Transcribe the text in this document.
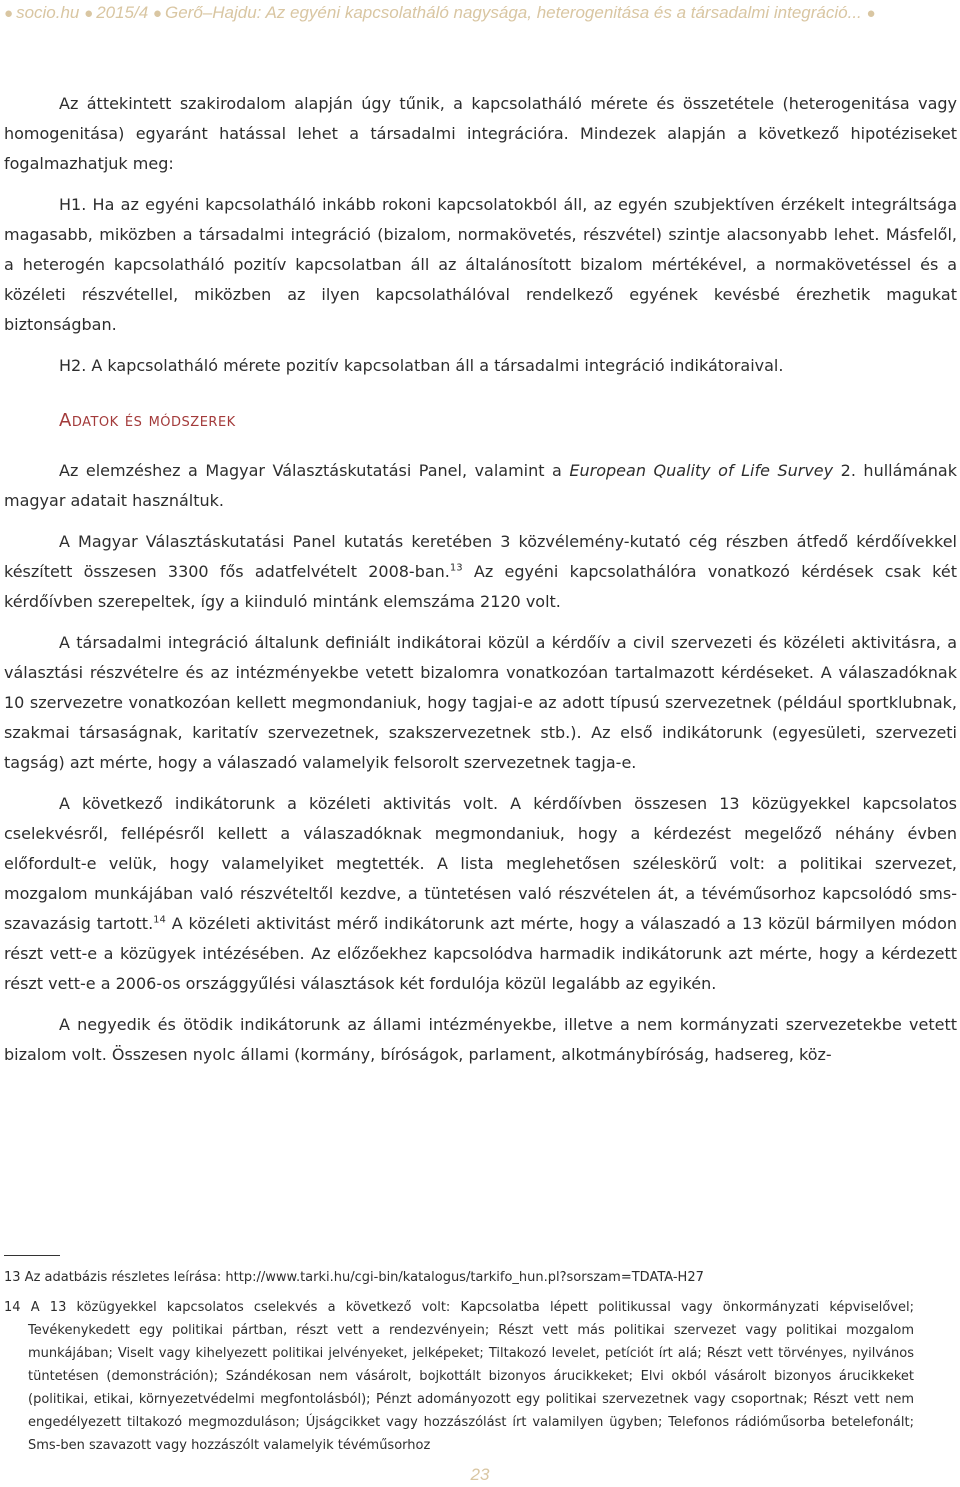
● socio.hu ● 2015/4 ● Gerő–Hajdu: Az egyéni kapcsolatháló nagysága, heterogenitása és a társadalmi integráció... ●

Az áttekintett szakirodalom alapján úgy tűnik, a kapcsolatháló mérete és összetétele (heterogenitása vagy homogenitása) egyaránt hatással lehet a társadalmi integrációra. Mindezek alapján a következő hipotéziseket fogalmazhatjuk meg:

H1. Ha az egyéni kapcsolatháló inkább rokoni kapcsolatokból áll, az egyén szubjektíven érzékelt integráltsága magasabb, miközben a társadalmi integráció (bizalom, normakövetés, részvétel) szintje alacsonyabb lehet. Másfelől, a heterogén kapcsolatháló pozitív kapcsolatban áll az általánosított bizalom mértékével, a normakövetéssel és a közéleti részvétellel, miközben az ilyen kapcsolathálóval rendelkező egyének kevésbé érezhetik magukat biztonságban.

H2. A kapcsolatháló mérete pozitív kapcsolatban áll a társadalmi integráció indikátoraival.

Adatok és módszerek

Az elemzéshez a Magyar Választáskutatási Panel, valamint a European Quality of Life Survey 2. hullámának magyar adatait használtuk.

A Magyar Választáskutatási Panel kutatás keretében 3 közvélemény-kutató cég részben átfedő kérdőívekkel készített összesen 3300 fős adatfelvételt 2008-ban.$^{13}$ Az egyéni kapcsolathálóra vonatkozó kérdések csak két kérdőívben szerepeltek, így a kiinduló mintánk elemszáma 2120 volt.

A társadalmi integráció általunk definiált indikátorai közül a kérdőív a civil szervezeti és közéleti aktivitásra, a választási részvételre és az intézményekbe vetett bizalomra vonatkozóan tartalmazott kérdéseket. A válaszadóknak 10 szervezetre vonatkozóan kellett megmondaniuk, hogy tagjai-e az adott típusú szervezetnek (például sportklubnak, szakmai társaságnak, karitatív szervezetnek, szakszervezetnek stb.). Az első indikátorunk (egyesületi, szervezeti tagság) azt mérte, hogy a válaszadó valamelyik felsorolt szervezetnek tagja-e.

A következő indikátorunk a közéleti aktivitás volt. A kérdőívben összesen 13 közügyekkel kapcsolatos cselekvésről, fellépésről kellett a válaszadóknak megmondaniuk, hogy a kérdezést megelőző néhány évben előfordult-e velük, hogy valamelyiket megtették. A lista meglehetősen széleskörű volt: a politikai szervezet, mozgalom munkájában való részvételtől kezdve, a tüntetésen való részvételen át, a tévéműsorhoz kapcsolódó sms-szavazásig tartott.$^{14}$ A közéleti aktivitást mérő indikátorunk azt mérte, hogy a válaszadó a 13 közül bármilyen módon részt vett-e a közügyek intézésében. Az előzőekhez kapcsolódva harmadik indikátorunk azt mérte, hogy a kérdezett részt vett-e a 2006-os országgyűlési választások két fordulója közül legalább az egyikén.

A negyedik és ötödik indikátorunk az állami intézményekbe, illetve a nem kormányzati szervezetekbe vetett bizalom volt. Összesen nyolc állami (kormány, bíróságok, parlament, alkotmánybíróság, hadsereg, köz-

13 Az adatbázis részletes leírása: http://www.tarki.hu/cgi-bin/katalogus/tarkifo_hun.pl?sorszam=TDATA-H27
14 A 13 közügyekkel kapcsolatos cselekvés a következő volt: Kapcsolatba lépett politikussal vagy önkormányzati képviselővel; Tevékenykedett egy politikai pártban, részt vett a rendezvényein; Részt vett más politikai szervezet vagy politikai mozgalom munkájában; Viselt vagy kihelyezett politikai jelvényeket, jelképeket; Tiltakozó levelet, petíciót írt alá; Részt vett törvényes, nyilvános tüntetésen (demonstráción); Szándékosan nem vásárolt, bojkottált bizonyos árucikkeket; Elvi okból vásárolt bizonyos árucikkeket (politikai, etikai, környezetvédelmi megfontolásból); Pénzt adományozott egy politikai szervezetnek vagy csoportnak; Részt vett nem engedélyezett tiltakozó megmozduláson; Újságcikket vagy hozzászólást írt valamilyen ügyben; Telefonos rádióműsorba betelefonált; Sms-ben szavazott vagy hozzászólt valamelyik tévéműsorhoz
23
